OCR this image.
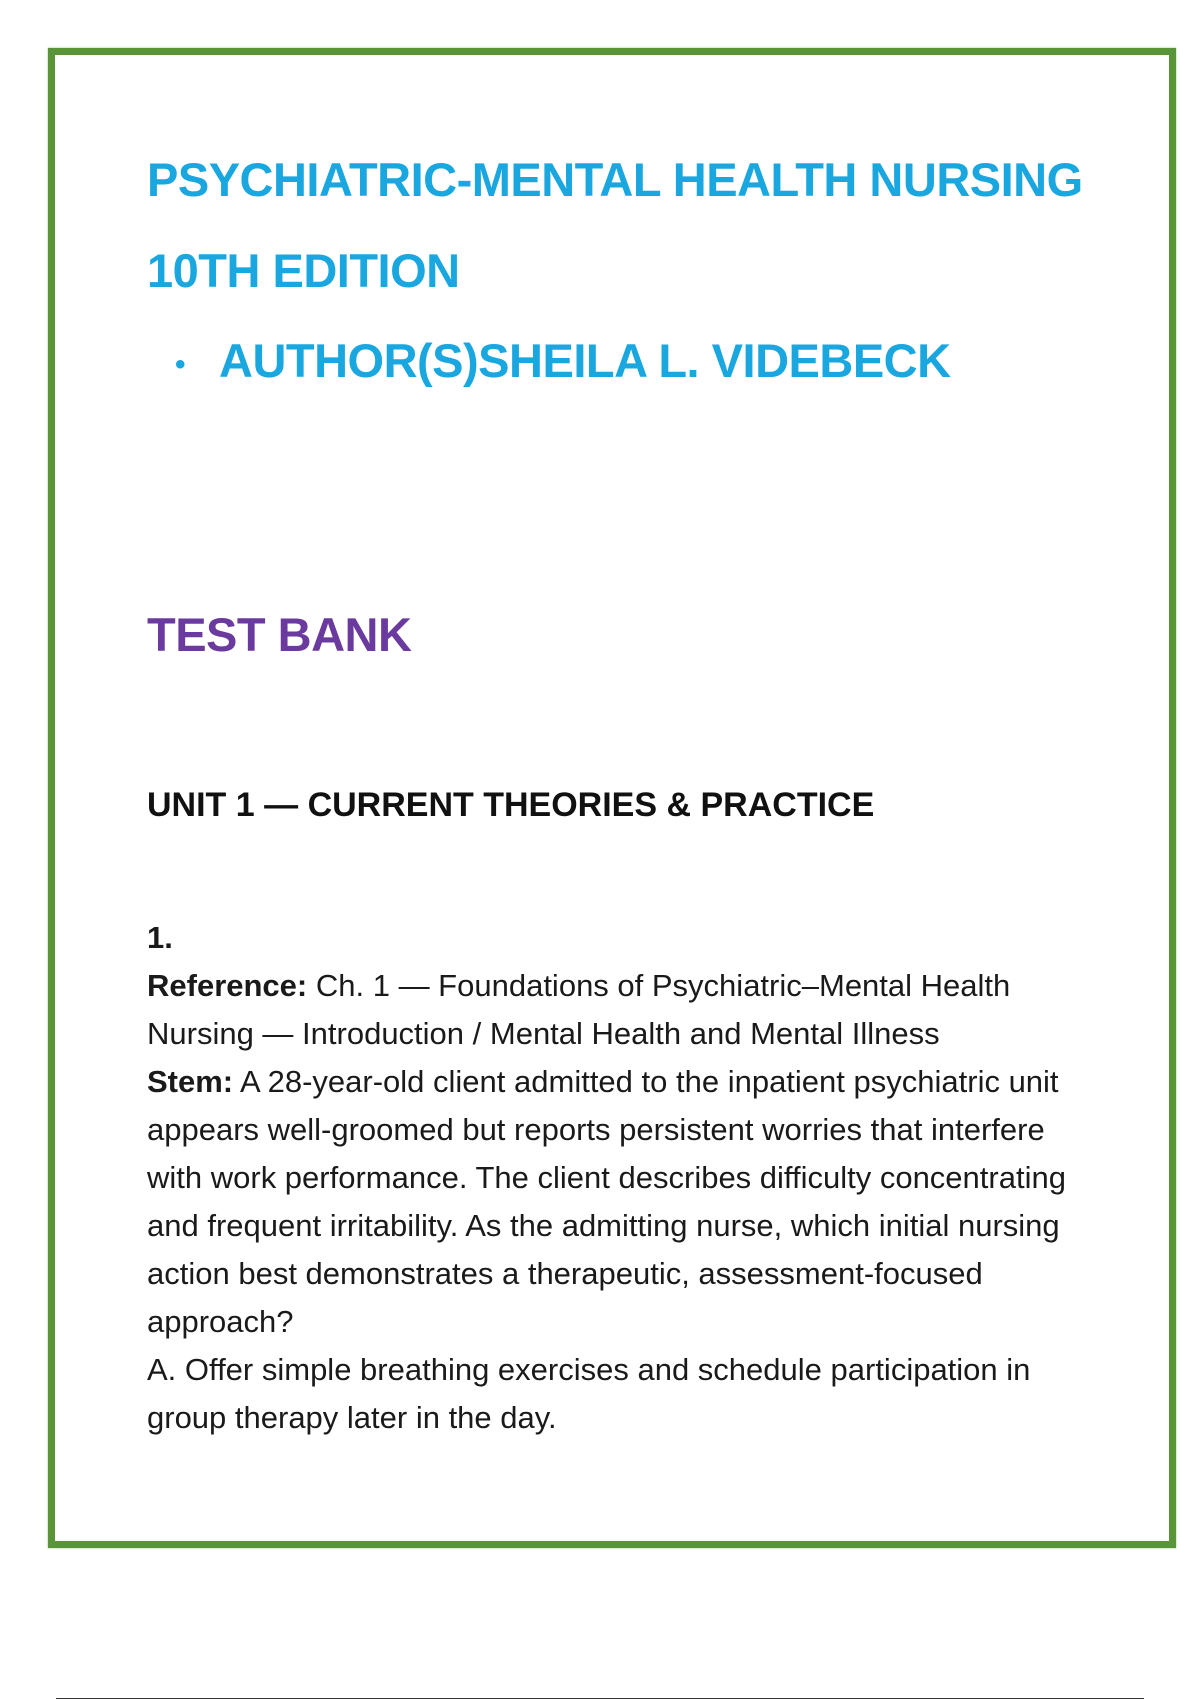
PSYCHIATRIC-MENTAL HEALTH NURSING
10TH EDITION
• AUTHOR(S)SHEILA L. VIDEBECK
TEST BANK
UNIT 1 — CURRENT THEORIES & PRACTICE

1.

Reference: Ch. 1 — Foundations of Psychiatric–Mental Health Nursing — Introduction / Mental Health and Mental Illness

Stem: A 28-year-old client admitted to the inpatient psychiatric unit appears well-groomed but reports persistent worries that interfere with work performance. The client describes difficulty concentrating and frequent irritability. As the admitting nurse, which initial nursing action best demonstrates a therapeutic, assessment-focused approach?

A. Offer simple breathing exercises and schedule participation in group therapy later in the day.
